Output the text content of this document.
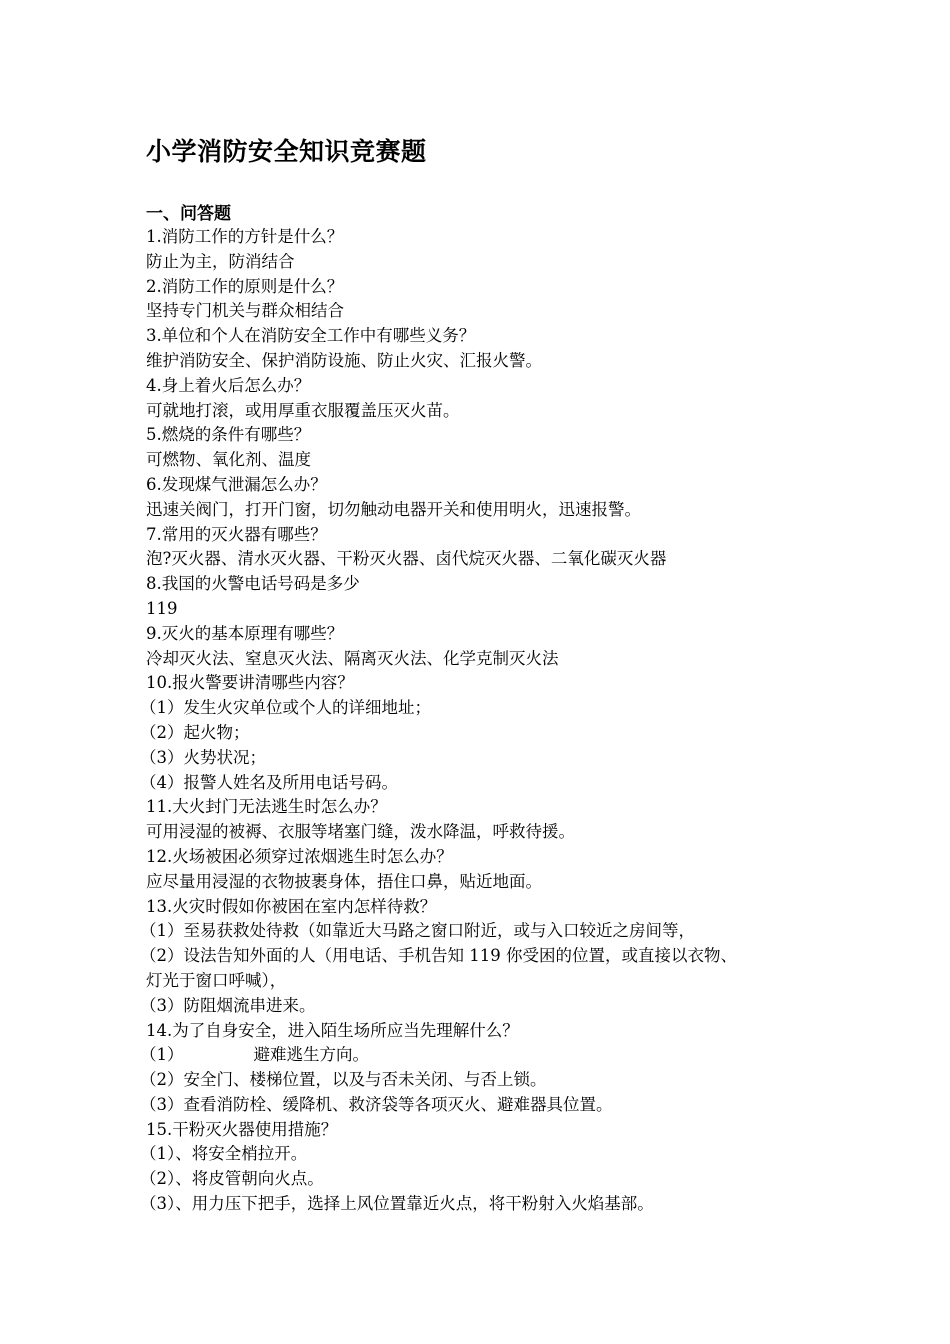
小学消防安全知识竞赛题
一、问答题
1.消防工作的方针是什么？
防止为主，防消结合
2.消防工作的原则是什么？
坚持专门机关与群众相结合
3.单位和个人在消防安全工作中有哪些义务？
维护消防安全、保护消防设施、防止火灾、汇报火警。
4.身上着火后怎么办？
可就地打滚，或用厚重衣服覆盖压灭火苗。
5.燃烧的条件有哪些？
可燃物、氧化剂、温度
6.发现煤气泄漏怎么办？
迅速关阀门，打开门窗，切勿触动电器开关和使用明火，迅速报警。
7.常用的灭火器有哪些？
泡?灭火器、清水灭火器、干粉灭火器、卤代烷灭火器、二氧化碳灭火器
8.我国的火警电话号码是多少
119
9.灭火的基本原理有哪些？
冷却灭火法、窒息灭火法、隔离灭火法、化学克制灭火法
10.报火警要讲清哪些内容？
（1）发生火灾单位或个人的详细地址；
（2）起火物；
（3）火势状况；
（4）报警人姓名及所用电话号码。
11.大火封门无法逃生时怎么办？
可用浸湿的被褥、衣服等堵塞门缝，泼水降温，呼救待援。
12.火场被困必须穿过浓烟逃生时怎么办？
应尽量用浸湿的衣物披裹身体，捂住口鼻，贴近地面。
13.火灾时假如你被困在室内怎样待救？
（1）至易获救处待救（如靠近大马路之窗口附近，或与入口较近之房间等，
（2）设法告知外面的人（用电话、手机告知 119 你受困的位置，或直接以衣物、
灯光于窗口呼喊），
（3）防阻烟流串进来。
14.为了自身安全，进入陌生场所应当先理解什么？
（1）	避难逃生方向。
（2）安全门、楼梯位置，以及与否未关闭、与否上锁。
（3）查看消防栓、缓降机、救济袋等各项灭火、避难器具位置。
15.干粉灭火器使用措施？
（1）、将安全梢拉开。
（2）、将皮管朝向火点。
（3）、用力压下把手，选择上风位置靠近火点，将干粉射入火焰基部。
